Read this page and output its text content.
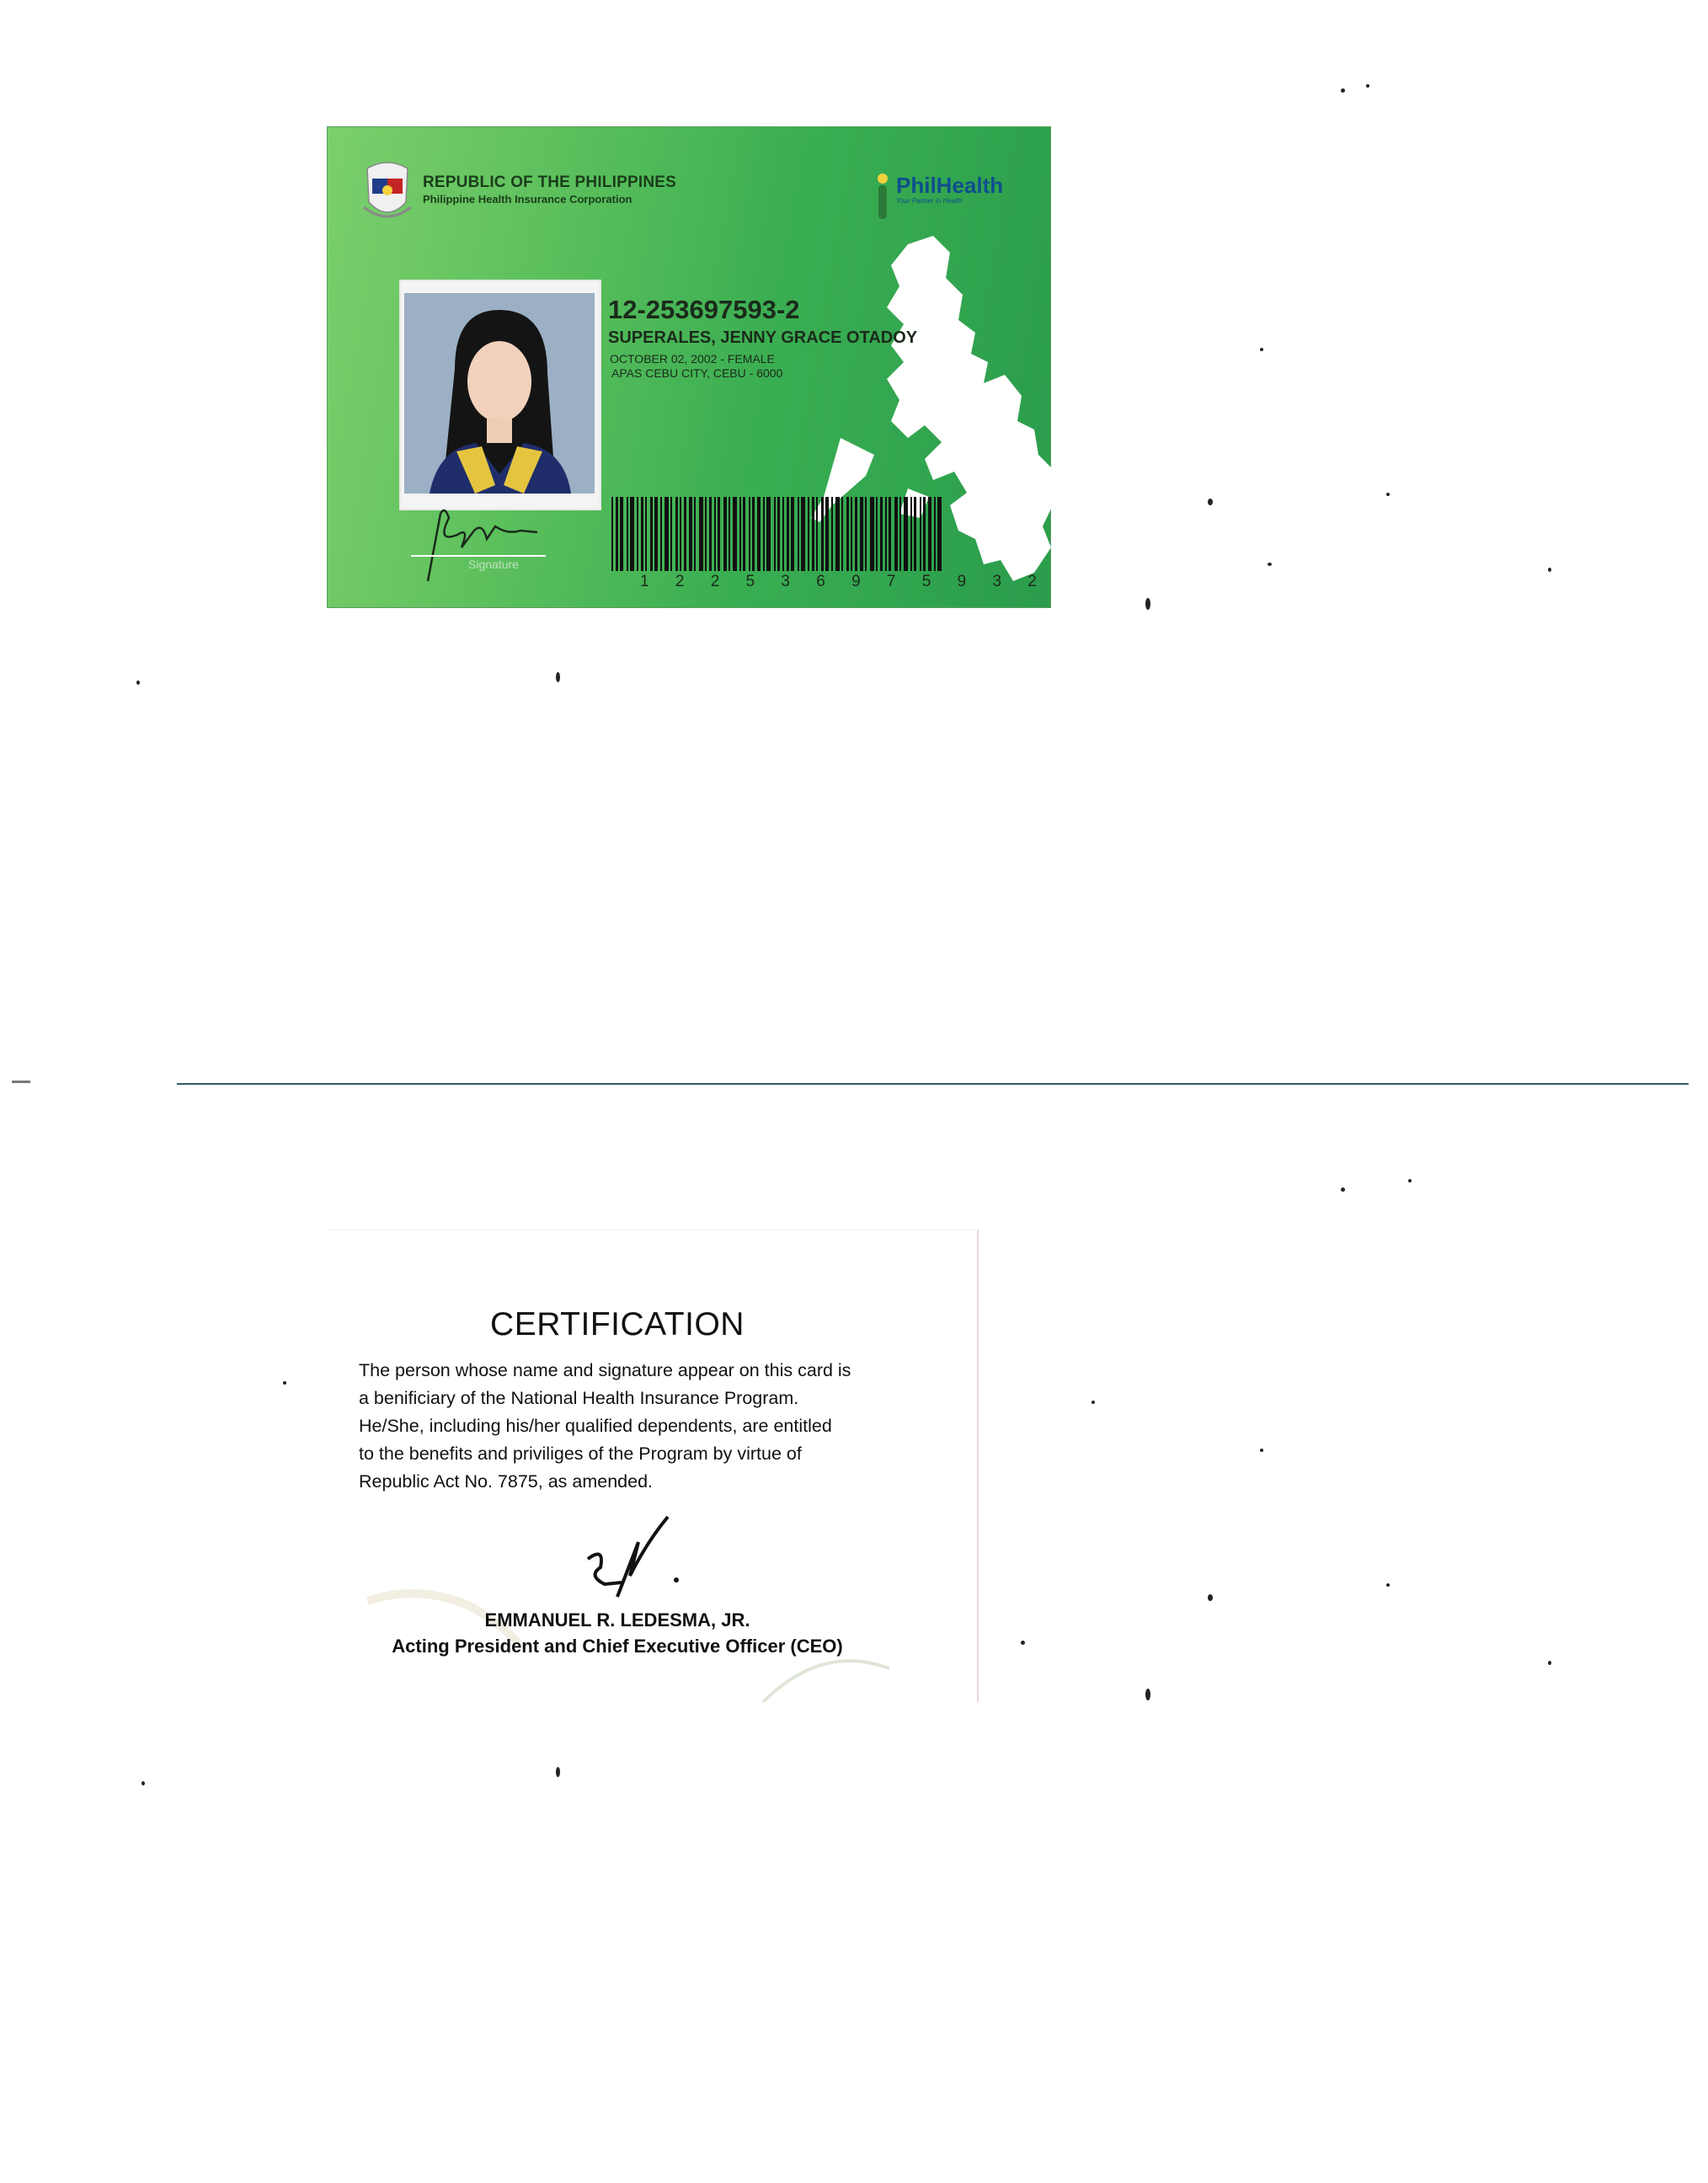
REPUBLIC OF THE PHILIPPINES
Philippine Health Insurance Corporation
PhilHealth
Your Partner in Health
12-253697593-2
SUPERALES, JENNY GRACE OTADOY
OCTOBER 02, 2002 - FEMALE
APAS CEBU CITY, CEBU - 6000
1 2 2 5 3 6 9 7 5 9 3 2
Signature
CERTIFICATION
The person whose name and signature appear on this card is
a benificiary of the National Health Insurance Program.
He/She, including his/her qualified dependents, are entitled
to the benefits and priviliges of the Program by virtue of
Republic Act No. 7875, as amended.
EMMANUEL R. LEDESMA, JR.
Acting President and Chief Executive Officer (CEO)
